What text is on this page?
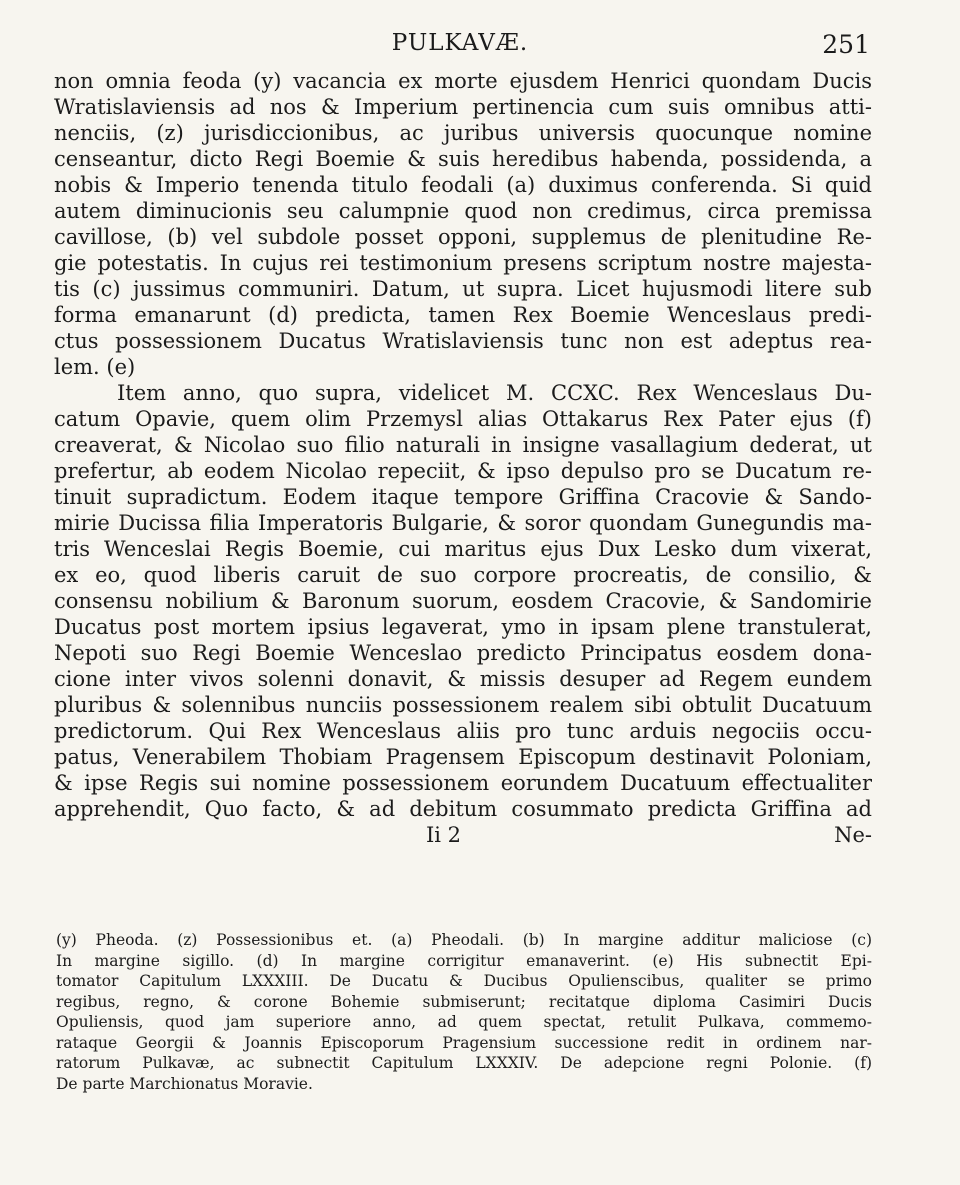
PULKAVÆ.	251
non omnia feoda (y) vacancia ex morte ejusdem Henrici quondam Ducis
Wratislaviensis ad nos & Imperium pertinencia cum suis omnibus atti-
nenciis, (z) jurisdiccionibus, ac juribus universis quocunque nomine
censeantur, dicto Regi Boemie & suis heredibus habenda, possidenda, a
nobis & Imperio tenenda titulo feodali (a) duximus conferenda. Si quid
autem diminucionis seu calumpnie quod non credimus, circa premissa
cavillose, (b) vel subdole posset opponi, supplemus de plenitudine Re-
gie potestatis. In cujus rei testimonium presens scriptum nostre majesta-
tis (c) jussimus communiri. Datum, ut supra. Licet hujusmodi litere sub
forma emanarunt (d) predicta, tamen Rex Boemie Wenceslaus predi-
ctus possessionem Ducatus Wratislaviensis tunc non est adeptus rea-
lem. (e)
Item anno, quo supra, videlicet M. CCXC. Rex Wenceslaus Du-
catum Opavie, quem olim Przemysl alias Ottakarus Rex Pater ejus (f)
creaverat, & Nicolao suo filio naturali in insigne vasallagium dederat, ut
prefertur, ab eodem Nicolao repeciit, & ipso depulso pro se Ducatum re-
tinuit supradictum. Eodem itaque tempore Griffina Cracovie & Sando-
mirie Ducissa filia Imperatoris Bulgarie, & soror quondam Gunegundis ma-
tris Wenceslai Regis Boemie, cui maritus ejus Dux Lesko dum vixerat,
ex eo, quod liberis caruit de suo corpore procreatis, de consilio, &
consensu nobilium & Baronum suorum, eosdem Cracovie, & Sandomirie
Ducatus post mortem ipsius legaverat, ymo in ipsam plene transtulerat,
Nepoti suo Regi Boemie Wenceslao predicto Principatus eosdem dona-
cione inter vivos solenni donavit, & missis desuper ad Regem eundem
pluribus & solennibus nunciis possessionem realem sibi obtulit Ducatuum
predictorum. Qui Rex Wenceslaus aliis pro tunc arduis negociis occu-
patus, Venerabilem Thobiam Pragensem Episcopum destinavit Poloniam,
& ipse Regis sui nomine possessionem eorundem Ducatuum effectualiter
apprehendit, Quo facto, & ad debitum cosummato predicta Griffina ad
Ii 2	Ne-
(y) Pheoda. (z) Possessionibus et. (a) Pheodali. (b) In margine additur maliciose (c)
In margine sigillo. (d) In margine corrigitur emanaverint. (e) His subnectit Epi-
tomator Capitulum LXXXIII. De Ducatu & Ducibus Opulienscibus, qualiter se primo
regibus, regno, & corone Bohemie submiserunt; recitatque diploma Casimiri Ducis
Opuliensis, quod jam superiore anno, ad quem spectat, retulit Pulkava, commemo-
rataque Georgii & Joannis Episcoporum Pragensium successione redit in ordinem nar-
ratorum Pulkavæ, ac subnectit Capitulum LXXXIV. De adepcione regni Polonie. (f)
De parte Marchionatus Moravie.
